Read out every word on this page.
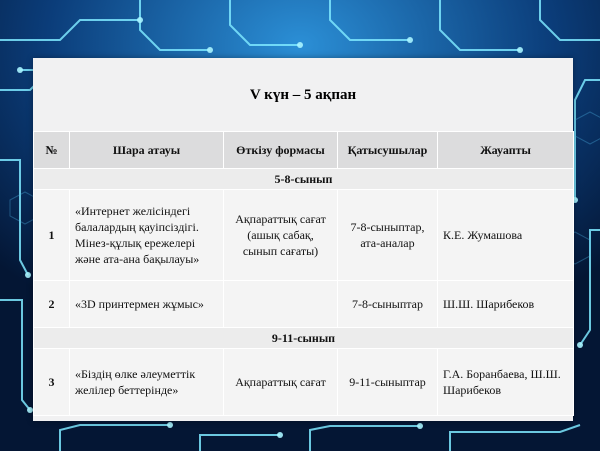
V күн – 5 ақпан
№	Шара атауы	Өткізу формасы	Қатысушылар	Жауапты
5-8-сынып				
1	«Интернет желісіндегі балалардың қауіпсіздігі. Мінез-құлық ережелері және ата-ана бақылауы»	Ақпараттық сағат (ашық сабақ, сынып сағаты)	7-8-сыныптар, ата-аналар	К.Е. Жумашова
2	«3D принтермен жұмыс»		7-8-сыныптар	Ш.Ш. Шарибеков
9-11-сынып				
3	«Біздің өлке әлеуметтік желілер беттерінде»	Ақпараттық сағат	9-11-сыныптар	Г.А. Боранбаева, Ш.Ш. Шарибеков
